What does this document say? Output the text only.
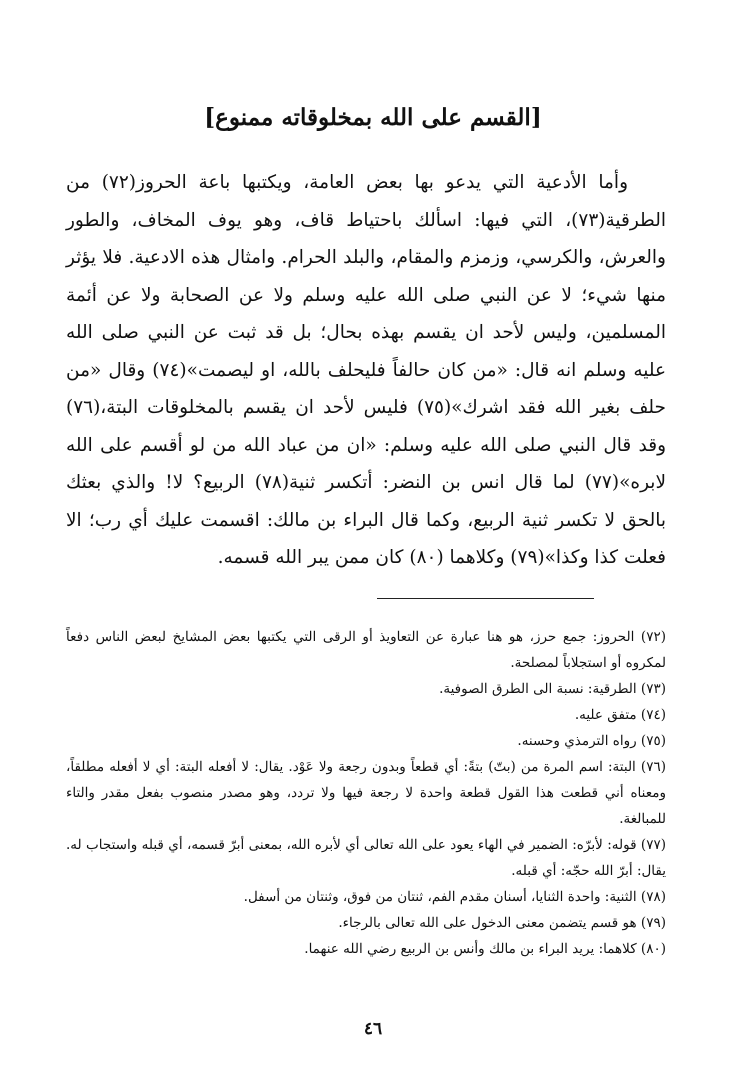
[القسم على الله بمخلوقاته ممنوع]

وأما الأدعية التي يدعو بها بعض العامة، ويكتبها باعة الحروز(٧٢) من الطرقية(٧٣)، التي فيها: اسألك باحتياط قاف، وهو يوف المخاف، والطور والعرش، والكرسي، وزمزم والمقام، والبلد الحرام. وامثال هذه الادعية. فلا يؤثر منها شيء؛ لا عن النبي صلى الله عليه وسلم ولا عن الصحابة ولا عن أئمة المسلمين، وليس لأحد ان يقسم بهذه بحال؛ بل قد ثبت عن النبي صلى الله عليه وسلم انه قال: «من كان حالفاً فليحلف بالله، او ليصمت»(٧٤) وقال «من حلف بغير الله فقد اشرك»(٧٥) فليس لأحد ان يقسم بالمخلوقات البتة،(٧٦) وقد قال النبي صلى الله عليه وسلم: «ان من عباد الله من لو أقسم على الله لابره»(٧٧) لما قال انس بن النضر: أتكسر ثنية(٧٨) الربيع؟ لا! والذي بعثك بالحق لا تكسر ثنية الربيع، وكما قال البراء بن مالك: اقسمت عليك أي رب؛ الا فعلت كذا وكذا»(٧٩) وكلاهما (٨٠) كان ممن يبر الله قسمه.

(٧٢) الحروز: جمع حرز، هو هنا عبارة عن التعاويذ أو الرقى التي يكتبها بعض المشايخ لبعض الناس دفعاً لمكروه أو استجلاباً لمصلحة.

(٧٣) الطرقية: نسبة الى الطرق الصوفية.

(٧٤) متفق عليه.

(٧٥) رواه الترمذي وحسنه.

(٧٦) البتة: اسم المرة من (بتّ) بتةً: أي قطعاً وبدون رجعة ولا عَوْد. يقال: لا أفعله البتة: أي لا أفعله مطلقاً، ومعناه أني قطعت هذا القول قطعة واحدة لا رجعة فيها ولا تردد، وهو مصدر منصوب بفعل مقدر والتاء للمبالغة.

(٧٧) قوله: لأبرّه: الضمير في الهاء يعود على الله تعالى أي لأبره الله، بمعنى أبرّ قسمه، أي قبله واستجاب له. يقال: أبرّ الله حجّه: أي قبله.

(٧٨) الثنية: واحدة الثنايا، أسنان مقدم الفم، ثنتان من فوق، وثنتان من أسفل.

(٧٩) هو قسم يتضمن معنى الدخول على الله تعالى بالرجاء.

(٨٠) كلاهما: يريد البراء بن مالك وأنس بن الربيع رضي الله عنهما.

٤٦
